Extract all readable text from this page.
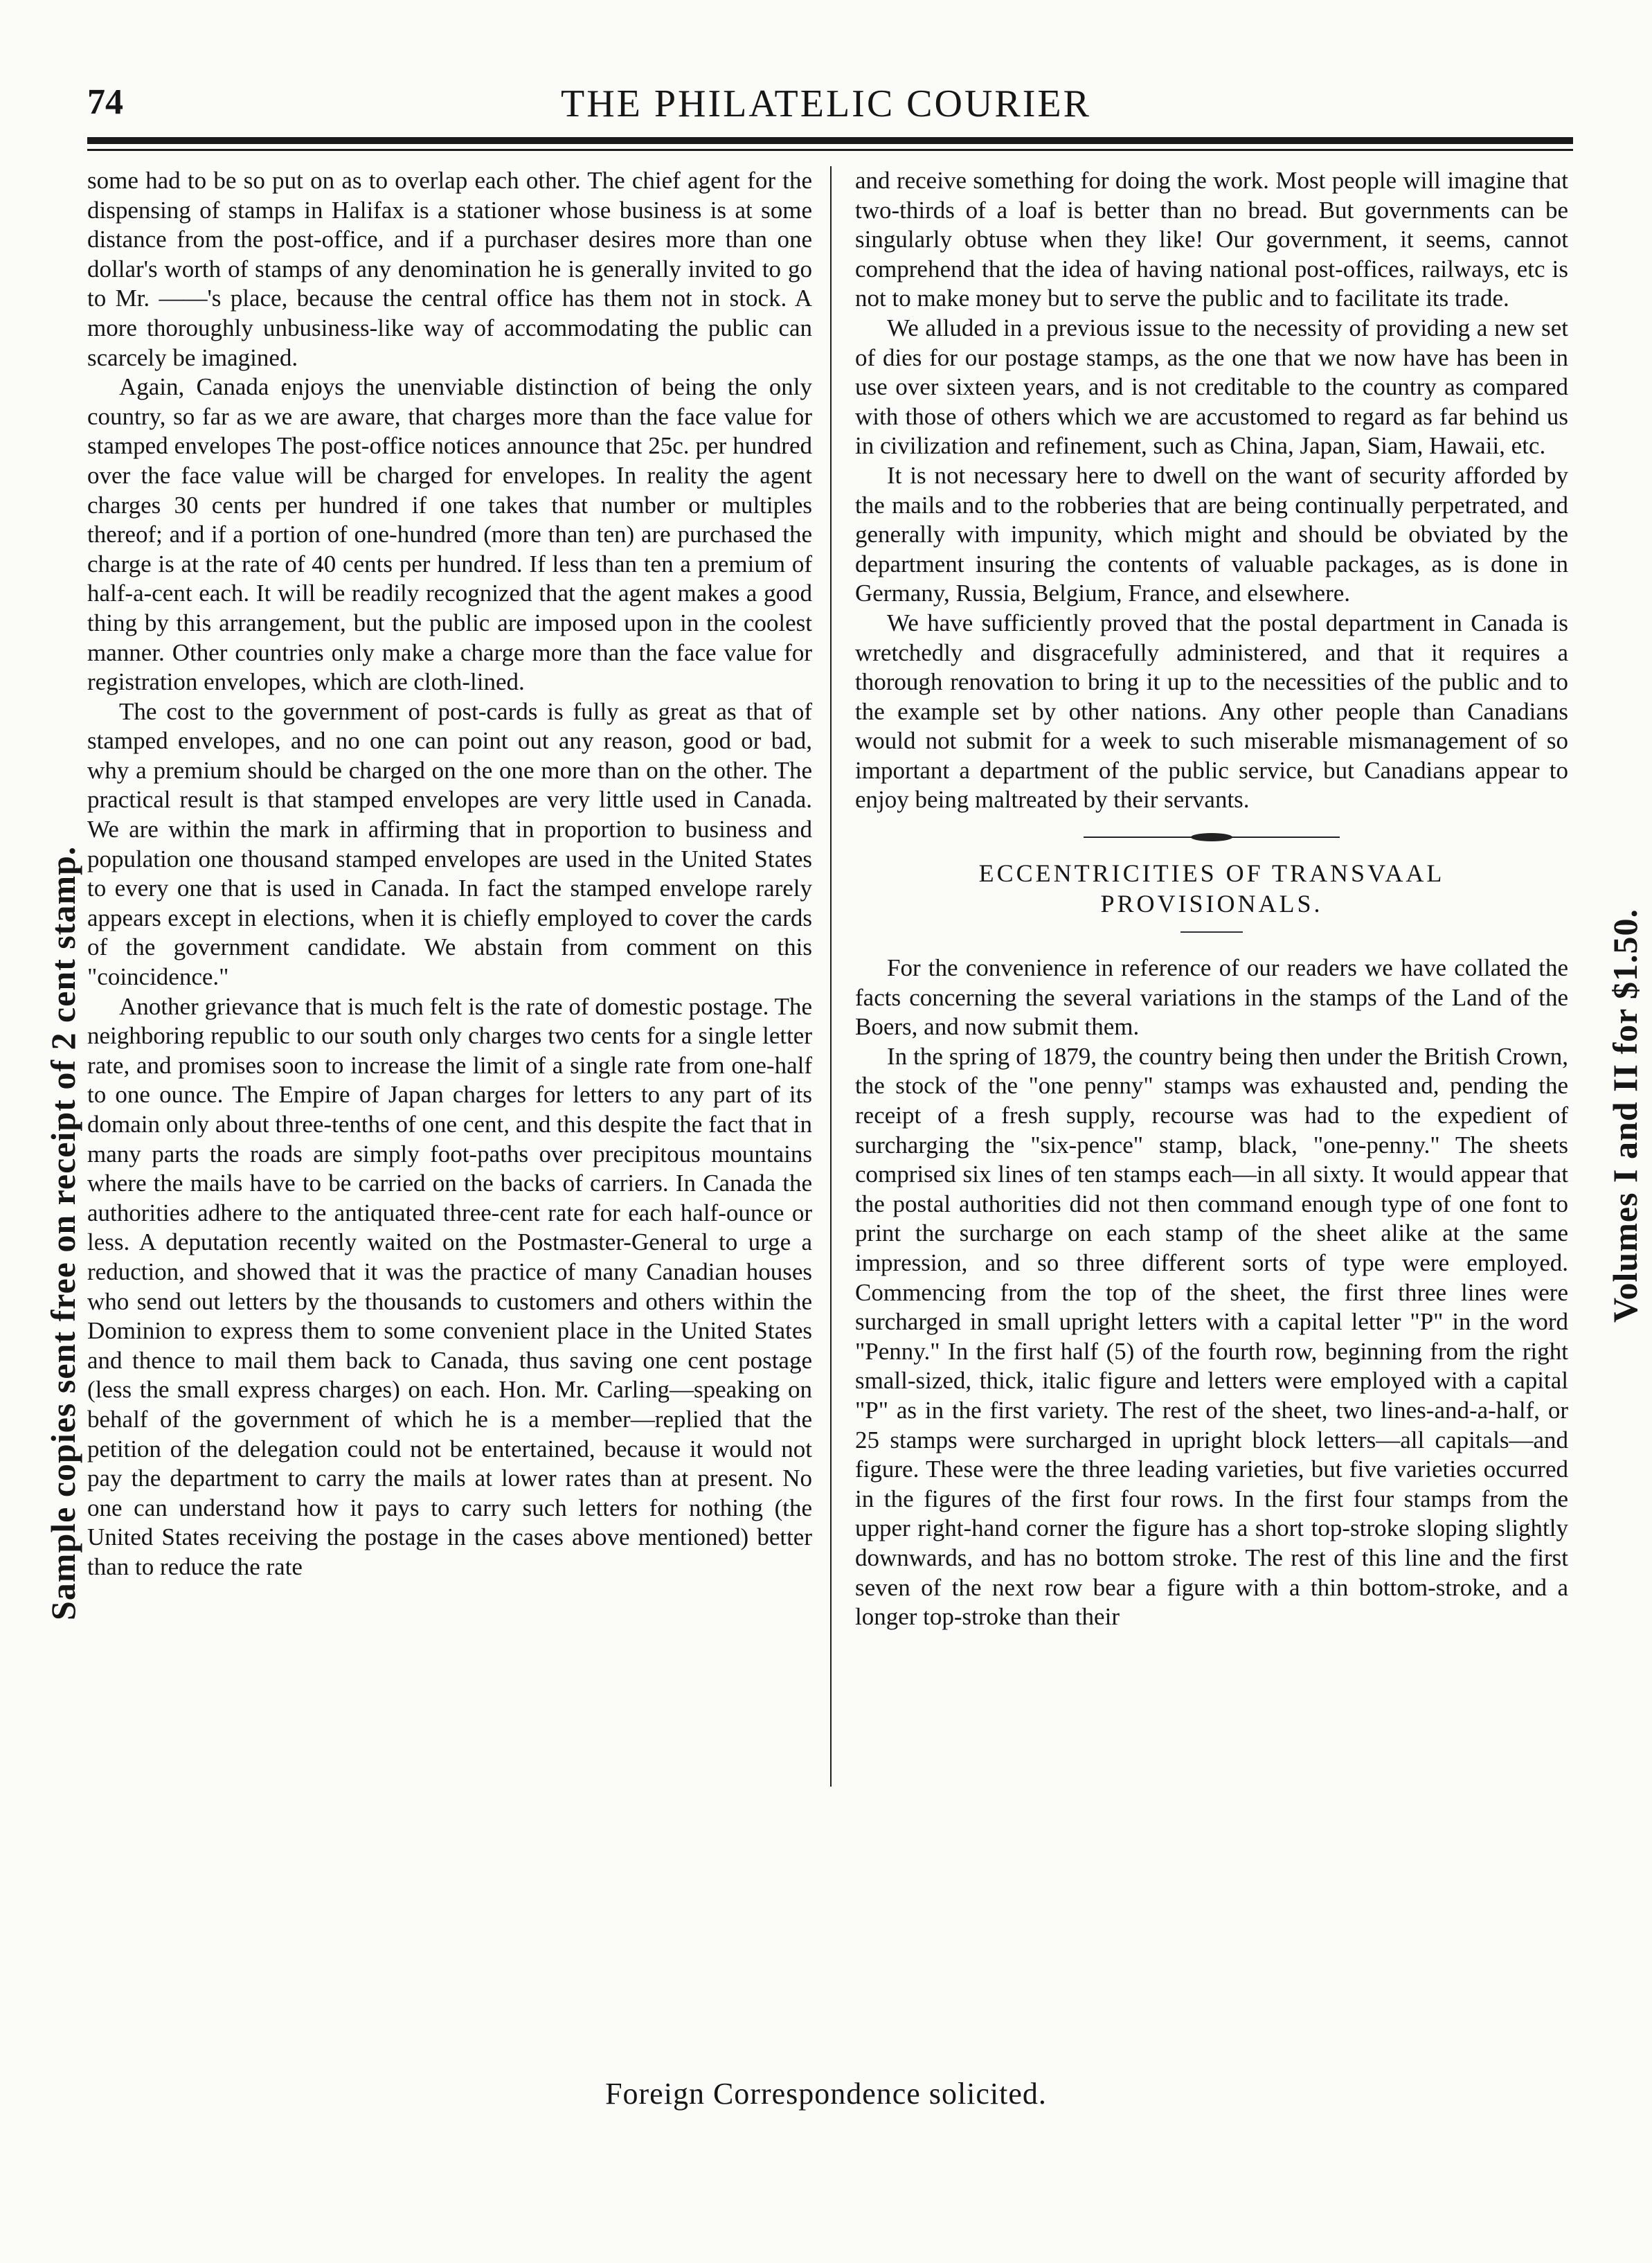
74	THE PHILATELIC COURIER

some had to be so put on as to overlap each other. The chief agent for the dispensing of stamps in Halifax is a stationer whose business is at some distance from the post-office, and if a purchaser desires more than one dollar's worth of stamps of any denomination he is generally invited to go to Mr. ——'s place, because the central office has them not in stock. A more thoroughly unbusiness-like way of accommodating the public can scarcely be imagined.

Again, Canada enjoys the unenviable distinction of being the only country, so far as we are aware, that charges more than the face value for stamped envelopes The post-office notices announce that 25c. per hundred over the face value will be charged for envelopes. In reality the agent charges 30 cents per hundred if one takes that number or multiples thereof; and if a portion of one-hundred (more than ten) are purchased the charge is at the rate of 40 cents per hundred. If less than ten a premium of half-a-cent each. It will be readily recognized that the agent makes a good thing by this arrangement, but the public are imposed upon in the coolest manner. Other countries only make a charge more than the face value for registration envelopes, which are cloth-lined.

The cost to the government of post-cards is fully as great as that of stamped envelopes, and no one can point out any reason, good or bad, why a premium should be charged on the one more than on the other. The practical result is that stamped envelopes are very little used in Canada. We are within the mark in affirming that in proportion to business and population one thousand stamped envelopes are used in the United States to every one that is used in Canada. In fact the stamped envelope rarely appears except in elections, when it is chiefly employed to cover the cards of the government candidate. We abstain from comment on this "coincidence."

Another grievance that is much felt is the rate of domestic postage. The neighboring republic to our south only charges two cents for a single letter rate, and promises soon to increase the limit of a single rate from one-half to one ounce. The Empire of Japan charges for letters to any part of its domain only about three-tenths of one cent, and this despite the fact that in many parts the roads are simply foot-paths over precipitous mountains where the mails have to be carried on the backs of carriers. In Canada the authorities adhere to the antiquated three-cent rate for each half-ounce or less. A deputation recently waited on the Postmaster-General to urge a reduction, and showed that it was the practice of many Canadian houses who send out letters by the thousands to customers and others within the Dominion to express them to some convenient place in the United States and thence to mail them back to Canada, thus saving one cent postage (less the small express charges) on each. Hon. Mr. Carling—speaking on behalf of the government of which he is a member—replied that the petition of the delegation could not be entertained, because it would not pay the department to carry the mails at lower rates than at present. No one can understand how it pays to carry such letters for nothing (the United States receiving the postage in the cases above mentioned) better than to reduce the rate

and receive something for doing the work. Most people will imagine that two-thirds of a loaf is better than no bread. But governments can be singularly obtuse when they like! Our government, it seems, cannot comprehend that the idea of having national post-offices, railways, etc is not to make money but to serve the public and to facilitate its trade.

We alluded in a previous issue to the necessity of providing a new set of dies for our postage stamps, as the one that we now have has been in use over sixteen years, and is not creditable to the country as compared with those of others which we are accustomed to regard as far behind us in civilization and refinement, such as China, Japan, Siam, Hawaii, etc.

It is not necessary here to dwell on the want of security afforded by the mails and to the robberies that are being continually perpetrated, and generally with impunity, which might and should be obviated by the department insuring the contents of valuable packages, as is done in Germany, Russia, Belgium, France, and elsewhere.

We have sufficiently proved that the postal department in Canada is wretchedly and disgracefully administered, and that it requires a thorough renovation to bring it up to the necessities of the public and to the example set by other nations. Any other people than Canadians would not submit for a week to such miserable mismanagement of so important a department of the public service, but Canadians appear to enjoy being maltreated by their servants.

ECCENTRICITIES OF TRANSVAAL PROVISIONALS.

For the convenience in reference of our readers we have collated the facts concerning the several variations in the stamps of the Land of the Boers, and now submit them.

In the spring of 1879, the country being then under the British Crown, the stock of the "one penny" stamps was exhausted and, pending the receipt of a fresh supply, recourse was had to the expedient of surcharging the "six-pence" stamp, black, "one-penny." The sheets comprised six lines of ten stamps each—in all sixty. It would appear that the postal authorities did not then command enough type of one font to print the surcharge on each stamp of the sheet alike at the same impression, and so three different sorts of type were employed. Commencing from the top of the sheet, the first three lines were surcharged in small upright letters with a capital letter "P" in the word "Penny." In the first half (5) of the fourth row, beginning from the right small-sized, thick, italic figure and letters were employed with a capital "P" as in the first variety. The rest of the sheet, two lines-and-a-half, or 25 stamps were surcharged in upright block letters—all capitals—and figure. These were the three leading varieties, but five varieties occurred in the figures of the first four rows. In the first four stamps from the upper right-hand corner the figure has a short top-stroke sloping slightly downwards, and has no bottom stroke. The rest of this line and the first seven of the next row bear a figure with a thin bottom-stroke, and a longer top-stroke than their

Sample copies sent free on receipt of 2 cent stamp.	Volumes I and II for $1.50.
Foreign Correspondence solicited.
